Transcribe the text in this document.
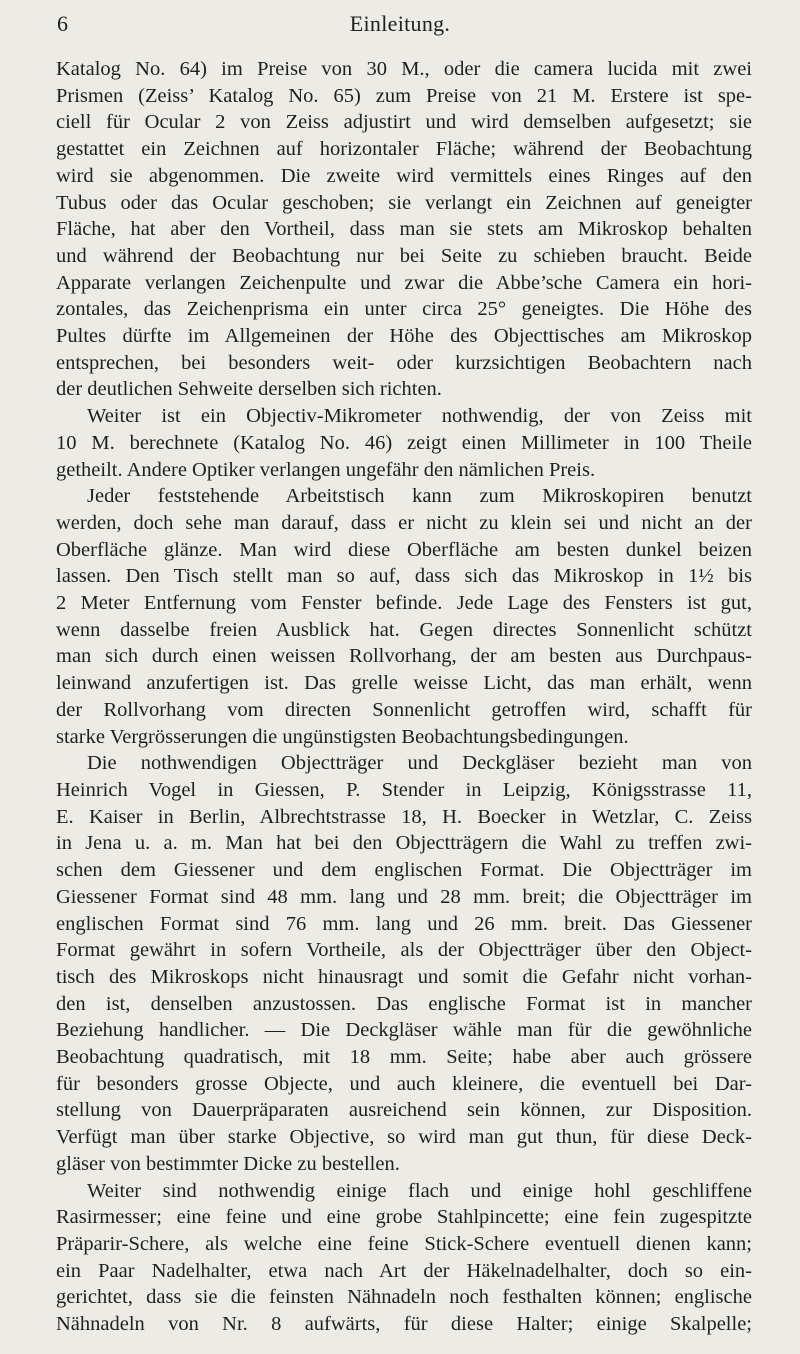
6	Einleitung.
Katalog No. 64) im Preise von 30 M., oder die camera lucida mit zwei
Prismen (Zeiss’ Katalog No. 65) zum Preise von 21 M. Erstere ist spe-
ciell für Ocular 2 von Zeiss adjustirt und wird demselben aufgesetzt; sie
gestattet ein Zeichnen auf horizontaler Fläche; während der Beobachtung
wird sie abgenommen. Die zweite wird vermittels eines Ringes auf den
Tubus oder das Ocular geschoben; sie verlangt ein Zeichnen auf geneigter
Fläche, hat aber den Vortheil, dass man sie stets am Mikroskop behalten
und während der Beobachtung nur bei Seite zu schieben braucht. Beide
Apparate verlangen Zeichenpulte und zwar die Abbe’sche Camera ein hori-
zontales, das Zeichenprisma ein unter circa 25° geneigtes. Die Höhe des
Pultes dürfte im Allgemeinen der Höhe des Objecttisches am Mikroskop
entsprechen, bei besonders weit- oder kurzsichtigen Beobachtern nach
der deutlichen Sehweite derselben sich richten.
Weiter ist ein Objectiv-Mikrometer nothwendig, der von Zeiss mit
10 M. berechnete (Katalog No. 46) zeigt einen Millimeter in 100 Theile
getheilt. Andere Optiker verlangen ungefähr den nämlichen Preis.
Jeder feststehende Arbeitstisch kann zum Mikroskopiren benutzt
werden, doch sehe man darauf, dass er nicht zu klein sei und nicht an der
Oberfläche glänze. Man wird diese Oberfläche am besten dunkel beizen
lassen. Den Tisch stellt man so auf, dass sich das Mikroskop in 1½ bis
2 Meter Entfernung vom Fenster befinde. Jede Lage des Fensters ist gut,
wenn dasselbe freien Ausblick hat. Gegen directes Sonnenlicht schützt
man sich durch einen weissen Rollvorhang, der am besten aus Durchpaus-
leinwand anzufertigen ist. Das grelle weisse Licht, das man erhält, wenn
der Rollvorhang vom directen Sonnenlicht getroffen wird, schafft für
starke Vergrösserungen die ungünstigsten Beobachtungsbedingungen.
Die nothwendigen Objectträger und Deckgläser bezieht man von
Heinrich Vogel in Giessen, P. Stender in Leipzig, Königsstrasse 11,
E. Kaiser in Berlin, Albrechtstrasse 18, H. Boecker in Wetzlar, C. Zeiss
in Jena u. a. m. Man hat bei den Objectträgern die Wahl zu treffen zwi-
schen dem Giessener und dem englischen Format. Die Objectträger im
Giessener Format sind 48 mm. lang und 28 mm. breit; die Objectträger im
englischen Format sind 76 mm. lang und 26 mm. breit. Das Giessener
Format gewährt in sofern Vortheile, als der Objectträger über den Object-
tisch des Mikroskops nicht hinausragt und somit die Gefahr nicht vorhan-
den ist, denselben anzustossen. Das englische Format ist in mancher
Beziehung handlicher. — Die Deckgläser wähle man für die gewöhnliche
Beobachtung quadratisch, mit 18 mm. Seite; habe aber auch grössere
für besonders grosse Objecte, und auch kleinere, die eventuell bei Dar-
stellung von Dauerpräparaten ausreichend sein können, zur Disposition.
Verfügt man über starke Objective, so wird man gut thun, für diese Deck-
gläser von bestimmter Dicke zu bestellen.
Weiter sind nothwendig einige flach und einige hohl geschliffene
Rasirmesser; eine feine und eine grobe Stahlpincette; eine fein zugespitzte
Präparir-Schere, als welche eine feine Stick-Schere eventuell dienen kann;
ein Paar Nadelhalter, etwa nach Art der Häkelnadelhalter, doch so ein-
gerichtet, dass sie die feinsten Nähnadeln noch festhalten können; englische
Nähnadeln von Nr. 8 aufwärts, für diese Halter; einige Skalpelle;
